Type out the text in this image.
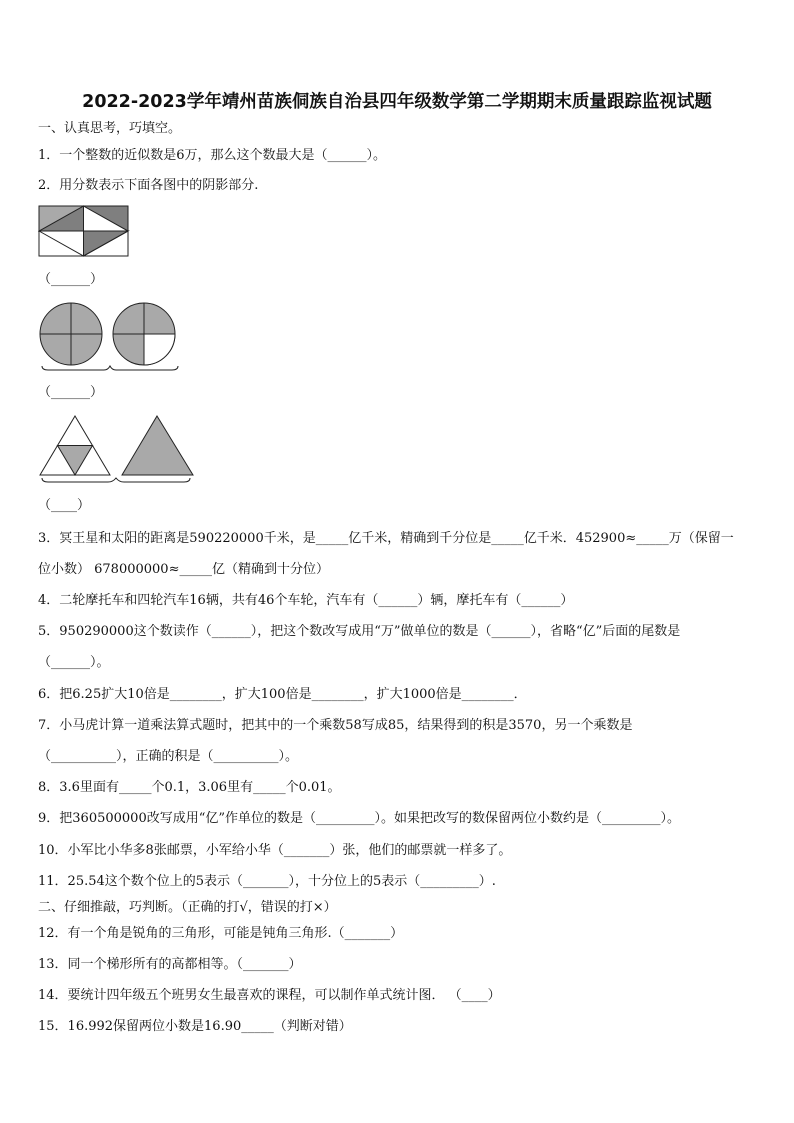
2022-2023学年靖州苗族侗族自治县四年级数学第二学期期末质量跟踪监视试题
一、认真思考，巧填空。
1．一个整数的近似数是6万，那么这个数最大是（______）。
2．用分数表示下面各图中的阴影部分.
（______）
（______）
（____）
3．冥王星和太阳的距离是590220000千米，是_____亿千米，精确到千分位是_____亿千米．452900≈_____万（保留一
位小数） 678000000≈_____亿（精确到十分位）
4．二轮摩托车和四轮汽车16辆，共有46个车轮，汽车有（______）辆，摩托车有（______）
5．950290000这个数读作（______），把这个数改写成用“万”做单位的数是（______），省略“亿”后面的尾数是
（______）。
6．把6.25扩大10倍是________，扩大100倍是________，扩大1000倍是________．
7．小马虎计算一道乘法算式题时，把其中的一个乘数58写成85，结果得到的积是3570，另一个乘数是
（__________），正确的积是（__________）。
8．3.6里面有_____个0.1，3.06里有_____个0.01。
9．把360500000改写成用“亿”作单位的数是（_________）。如果把改写的数保留两位小数约是（_________）。
10．小军比小华多8张邮票，小军给小华（_______）张，他们的邮票就一样多了。
11．25.54这个数个位上的5表示（_______），十分位上的5表示（_________）.
二、仔细推敲，巧判断。（正确的打√，错误的打×）
12．有一个角是锐角的三角形，可能是钝角三角形.（_______）
13．同一个梯形所有的高都相等。（_______）
14．要统计四年级五个班男女生最喜欢的课程，可以制作单式统计图． （____）
15．16.992保留两位小数是16.90_____（判断对错）
